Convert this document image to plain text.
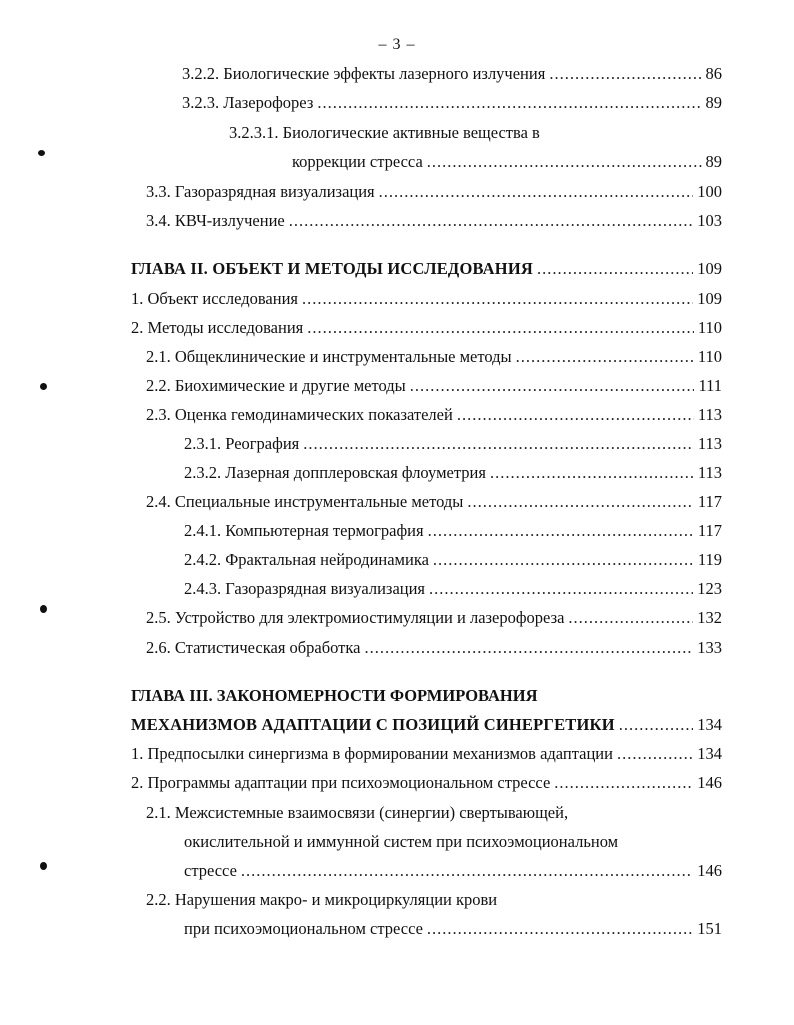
– 3 –
3.2.2. Биологические эффекты лазерного излучения .....	86
3.2.3. Лазерофорез .....	89
3.2.3.1. Биологические активные вещества в
коррекции стресса .....	89
3.3. Газоразрядная визуализация .....	100
3.4. КВЧ-излучение .....	103
ГЛАВА II. ОБЪЕКТ И МЕТОДЫ ИССЛЕДОВАНИЯ .....	109
1. Объект исследования .....	109
2. Методы исследования .....	110
2.1. Общеклинические и инструментальные методы .....	110
2.2. Биохимические и другие методы .....	111
2.3. Оценка гемодинамических показателей .....	113
2.3.1. Реография .....	113
2.3.2. Лазерная допплеровская флоуметрия .....	113
2.4. Специальные инструментальные методы .....	117
2.4.1. Компьютерная термография .....	117
2.4.2. Фрактальная нейродинамика .....	119
2.4.3. Газоразрядная визуализация .....	123
2.5. Устройство для электромиостимуляции и лазерофореза .....	132
2.6. Статистическая обработка .....	133
ГЛАВА III. ЗАКОНОМЕРНОСТИ ФОРМИРОВАНИЯ
МЕХАНИЗМОВ АДАПТАЦИИ С ПОЗИЦИЙ СИНЕРГЕТИКИ .....	134
1. Предпосылки синергизма в формировании механизмов адаптации .....	134
2. Программы адаптации при психоэмоциональном стрессе .....	146
2.1. Межсистемные взаимосвязи (синергии) свертывающей,
окислительной и иммунной систем при психоэмоциональном
стрессе .....	146
2.2. Нарушения макро- и микроциркуляции крови
при психоэмоциональном стрессе .....	151
